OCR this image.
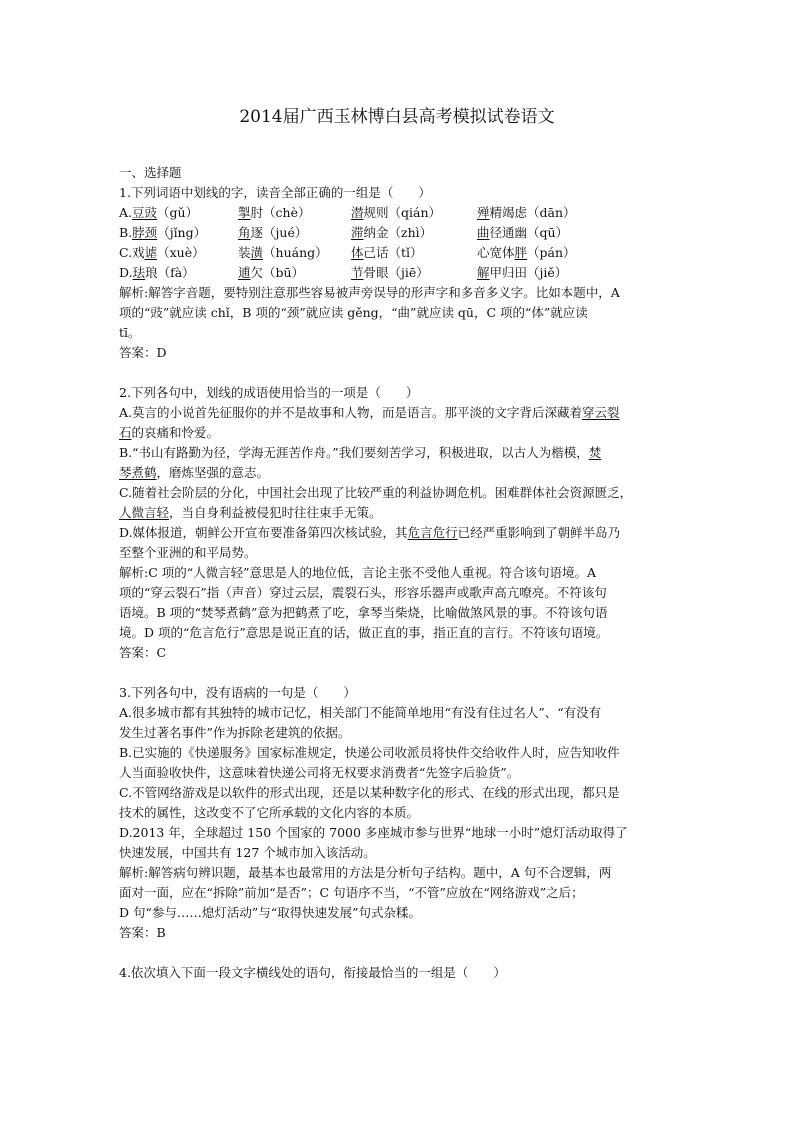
2014届广西玉林博白县高考模拟试卷语文
一、选择题
1.下列词语中划线的字，读音全部正确的一组是（　　）
A.豆豉（gǔ）	掣肘（chè）	潜规则（qián）	殚精竭虑（dān）
B.脖颈（jǐng）	角逐（jué）	滞纳金（zhì）	曲径通幽（qū）
C.戏谑（xuè）	装潢（huáng）	体己话（tǐ）	心宽体胖（pán）
D.珐琅（fà）	逋欠（bū）	节骨眼（jiē）	解甲归田（jiě）
解析:解答字音题，要特别注意那些容易被声旁误导的形声字和多音多义字。比如本题中，A
项的“豉”就应读 chǐ，B 项的“颈”就应读 gěng，“曲”就应读 qū，C 项的“体”就应读
tī。
答案：D
2.下列各句中，划线的成语使用恰当的一项是（　　）
A.莫言的小说首先征服你的并不是故事和人物，而是语言。那平淡的文字背后深藏着穿云裂
石的哀痛和怜爱。
B.“书山有路勤为径，学海无涯苦作舟。”我们要刻苦学习，积极进取，以古人为楷模，焚
琴煮鹤，磨炼坚强的意志。
C.随着社会阶层的分化，中国社会出现了比较严重的利益协调危机。困难群体社会资源匮乏，
人微言轻，当自身利益被侵犯时往往束手无策。
D.媒体报道，朝鲜公开宣布要准备第四次核试验，其危言危行已经严重影响到了朝鲜半岛乃
至整个亚洲的和平局势。
解析:C 项的“人微言轻”意思是人的地位低，言论主张不受他人重视。符合该句语境。A
项的“穿云裂石”指（声音）穿过云层，震裂石头，形容乐器声或歌声高亢嘹亮。不符该句
语境。B 项的“焚琴煮鹤”意为把鹤煮了吃，拿琴当柴烧，比喻做煞风景的事。不符该句语
境。D 项的“危言危行”意思是说正直的话，做正直的事，指正直的言行。不符该句语境。
答案：C
3.下列各句中，没有语病的一句是（　　）
A.很多城市都有其独特的城市记忆，相关部门不能简单地用“有没有住过名人”、“有没有
发生过著名事件”作为拆除老建筑的依据。
B.已实施的《快递服务》国家标准规定，快递公司收派员将快件交给收件人时，应告知收件
人当面验收快件，这意味着快递公司将无权要求消费者“先签字后验货”。
C.不管网络游戏是以软件的形式出现，还是以某种数字化的形式、在线的形式出现，都只是
技术的属性，这改变不了它所承载的文化内容的本质。
D.2013 年，全球超过 150 个国家的 7000 多座城市参与世界“地球一小时”熄灯活动取得了
快速发展，中国共有 127 个城市加入该活动。
解析:解答病句辨识题，最基本也最常用的方法是分析句子结构。题中，A 句不合逻辑，两
面对一面，应在“拆除”前加“是否”；C 句语序不当，“不管”应放在“网络游戏”之后；
D 句“参与……熄灯活动”与“取得快速发展”句式杂糅。
答案：B
4.依次填入下面一段文字横线处的语句，衔接最恰当的一组是（　　）
